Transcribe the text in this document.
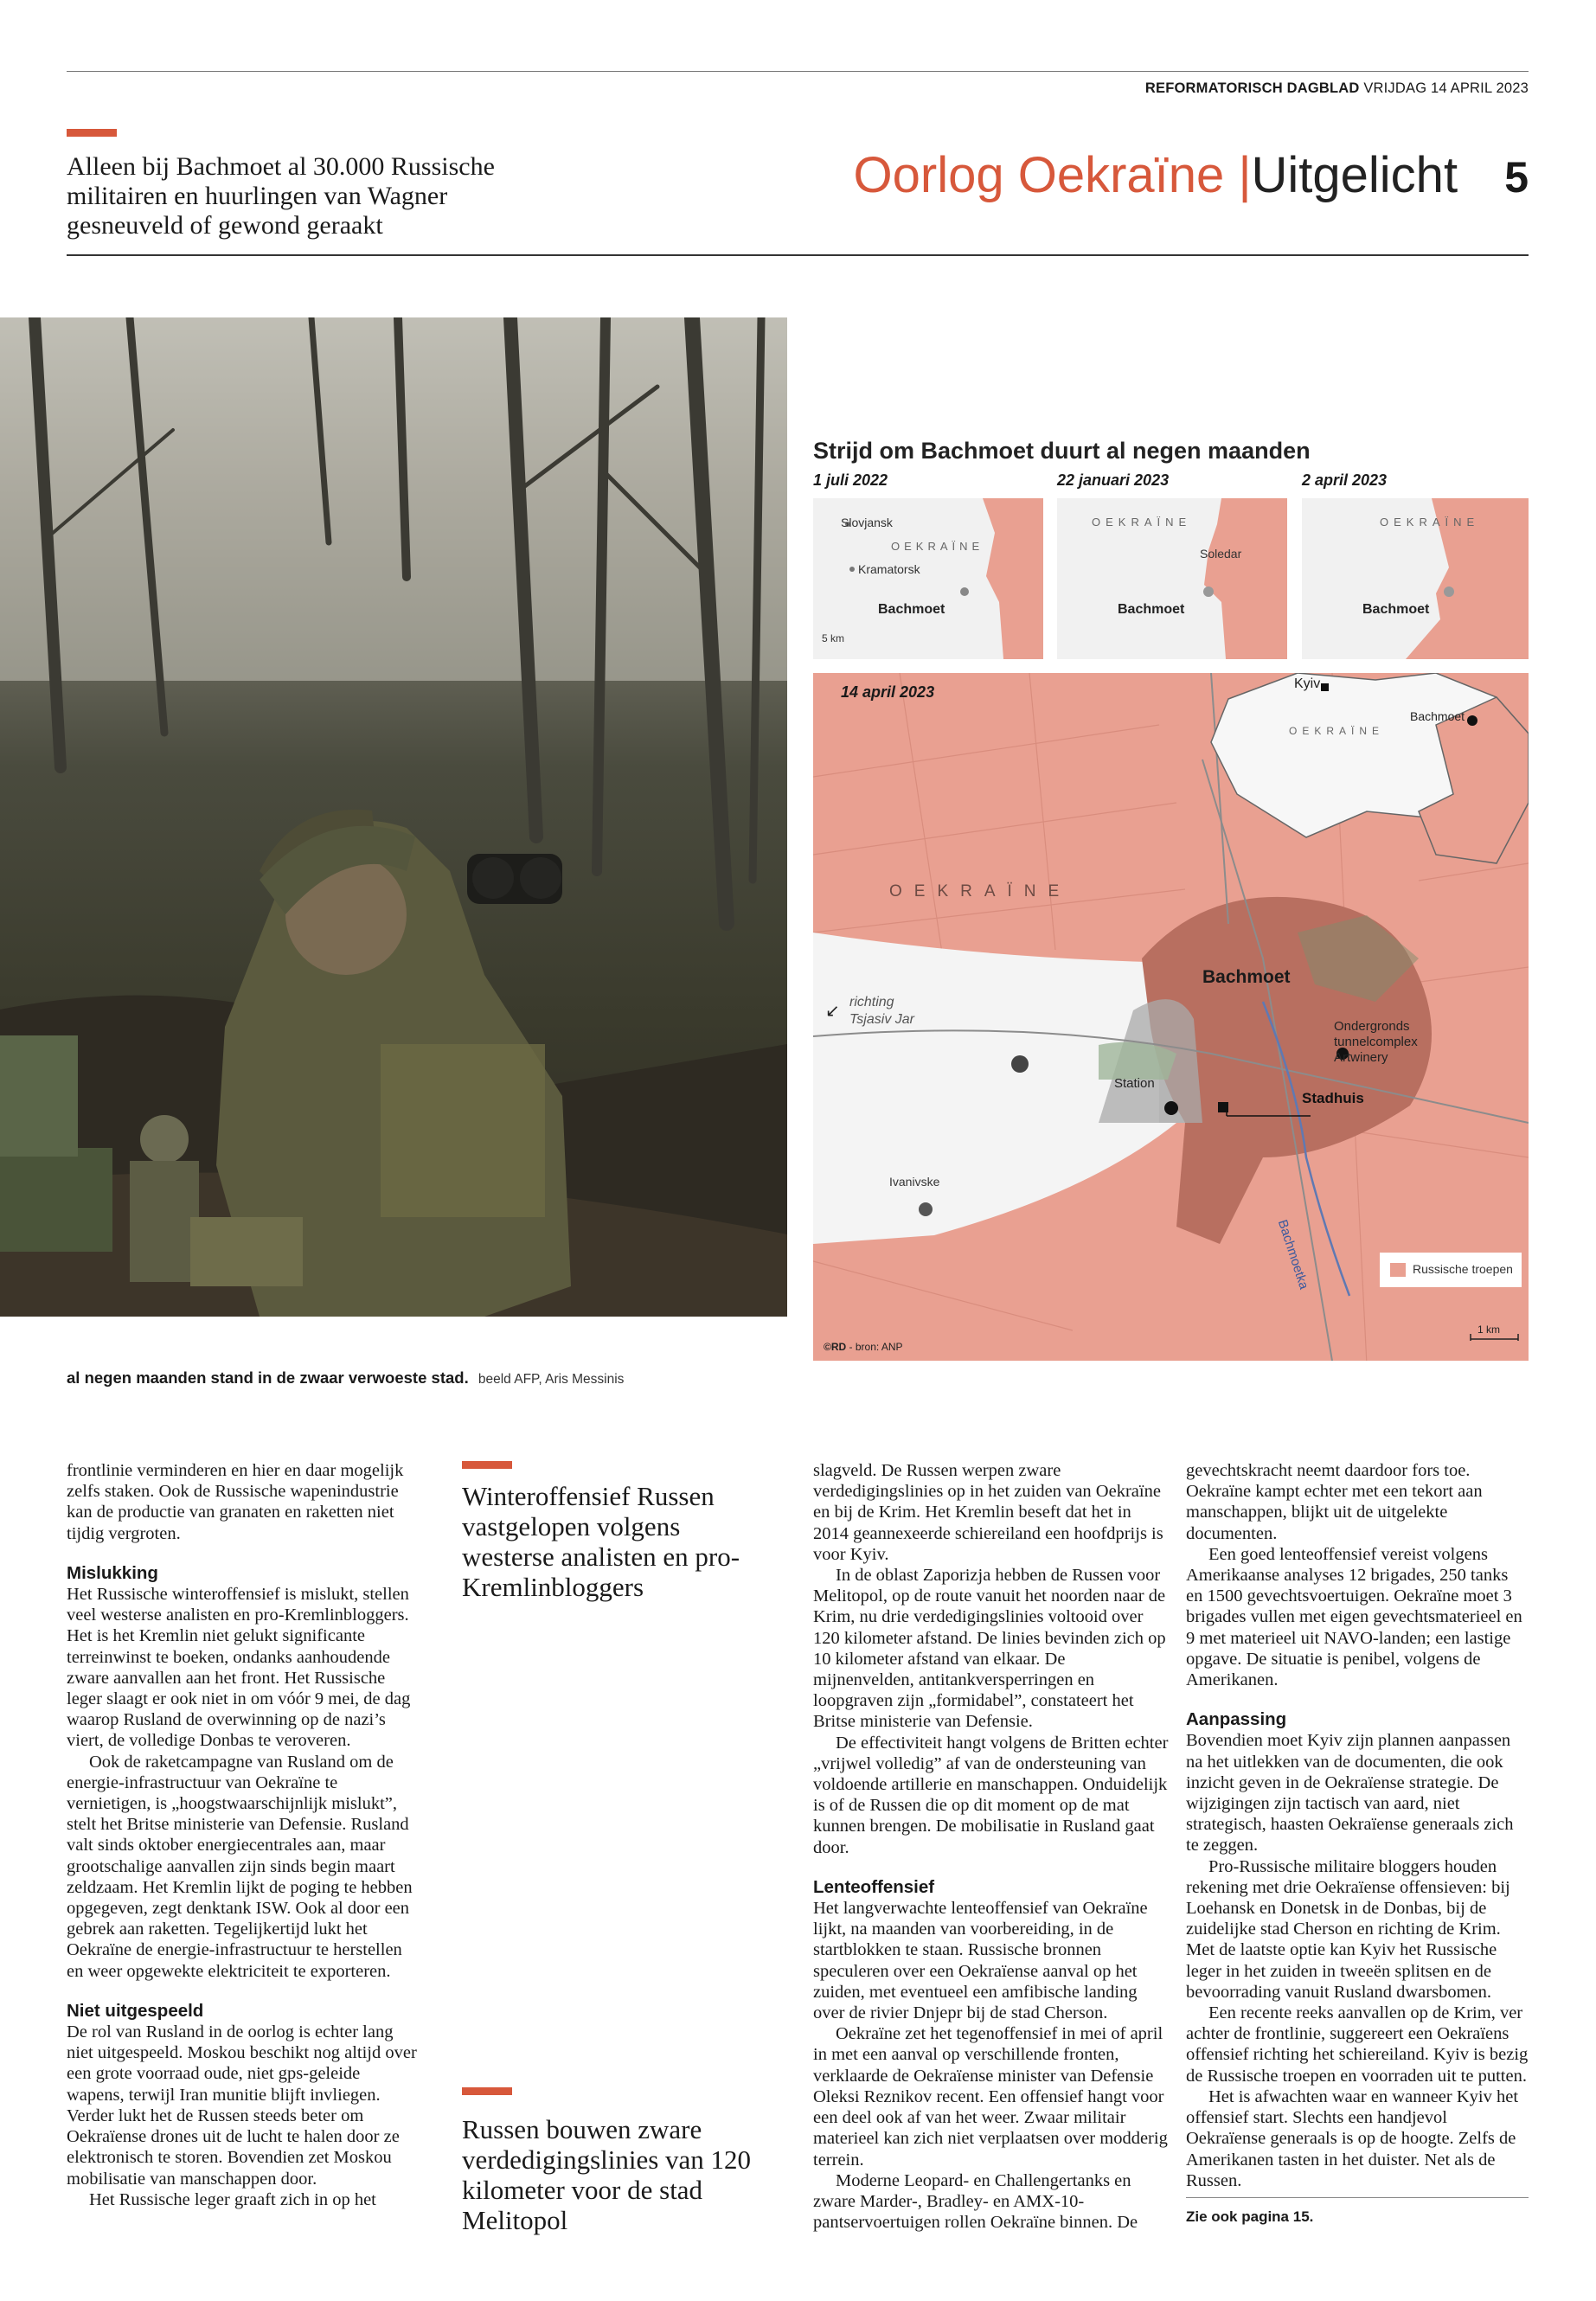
REFORMATORISCH DAGBLAD VRIJDAG 14 APRIL 2023
Alleen bij Bachmoet al 30.000 Russische militairen en huurlingen van Wagner gesneuveld of gewond geraakt
Oorlog Oekraïne |Uitgelicht 5
al negen maanden stand in de zwaar verwoeste stad. beeld AFP, Aris Messinis
Strijd om Bachmoet duurt al negen maanden
1 juli 2022	22 januari 2023	2 april 2023
Slovjansk
OEKRAÏNE
Kramatorsk
Bachmoet
5 km
OEKRAÏNE
Soledar
Bachmoet
OEKRAÏNE
Bachmoet
14 april 2023	Kyiv
OEKRAÏNE
Bachmoet
OEKRAÏNE
Bachmoet
richting
Tsjasiv Jar
↙
Station
Stadhuis
Ondergronds
tunnelcomplex
Artwinery
Ivanivske
Bachmoetka	Russische troepen
1 km
©RD - bron: ANP

frontlinie verminderen en hier en daar mogelijk zelfs staken. Ook de Russische wapenindustrie kan de productie van granaten en raketten niet tijdig vergroten.

Mislukking

Het Russische winteroffensief is mislukt, stellen veel westerse analisten en pro-Kremlinbloggers. Het is het Kremlin niet gelukt significante terreinwinst te boeken, ondanks aanhoudende zware aanvallen aan het front. Het Russische leger slaagt er ook niet in om vóór 9 mei, de dag waarop Rusland de overwinning op de nazi’s viert, de volledige Donbas te veroveren.

Ook de raketcampagne van Rusland om de energie-infrastructuur van Oekraïne te vernietigen, is „hoogstwaarschijnlijk mislukt”, stelt het Britse ministerie van Defensie. Rusland valt sinds oktober energiecentrales aan, maar grootschalige aanvallen zijn sinds begin maart zeldzaam. Het Kremlin lijkt de poging te hebben opgegeven, zegt denktank ISW. Ook al door een gebrek aan raketten. Tegelijkertijd lukt het Oekraïne de energie-infrastructuur te herstellen en weer opgewekte elektriciteit te exporteren.

Niet uitgespeeld

De rol van Rusland in de oorlog is echter lang niet uitgespeeld. Moskou beschikt nog altijd over een grote voorraad oude, niet gps-geleide wapens, terwijl Iran munitie blijft invliegen. Verder lukt het de Russen steeds beter om Oekraïense drones uit de lucht te halen door ze elektronisch te storen. Bovendien zet Moskou mobilisatie van manschappen door.

Het Russische leger graaft zich in op het

Winteroffensief Russen vastgelopen volgens westerse analisten en pro-Kremlinbloggers
Russen bouwen zware verdedigingslinies van 120 kilometer voor de stad Melitopol

slagveld. De Russen werpen zware verdedigingslinies op in het zuiden van Oekraïne en bij de Krim. Het Kremlin beseft dat het in 2014 geannexeerde schiereiland een hoofdprijs is voor Kyiv.

In de oblast Zaporizja hebben de Russen voor Melitopol, op de route vanuit het noorden naar de Krim, nu drie verdedigingslinies voltooid over 120 kilometer afstand. De linies bevinden zich op 10 kilometer afstand van elkaar. De mijnenvelden, antitankversperringen en loopgraven zijn „formidabel”, constateert het Britse ministerie van Defensie.

De effectiviteit hangt volgens de Britten echter „vrijwel volledig” af van de ondersteuning van voldoende artillerie en manschappen. Onduidelijk is of de Russen die op dit moment op de mat kunnen brengen. De mobilisatie in Rusland gaat door.

Lenteoffensief

Het langverwachte lenteoffensief van Oekraïne lijkt, na maanden van voorbereiding, in de startblokken te staan. Russische bronnen speculeren over een Oekraïense aanval op het zuiden, met eventueel een amfibische landing over de rivier Dnjepr bij de stad Cherson.

Oekraïne zet het tegenoffensief in mei of april in met een aanval op verschillende fronten, verklaarde de Oekraïense minister van Defensie Oleksi Reznikov recent. Een offensief hangt voor een deel ook af van het weer. Zwaar militair materieel kan zich niet verplaatsen over modderig terrein.

Moderne Leopard- en Challengertanks en zware Marder-, Bradley- en AMX-10-pantservoertuigen rollen Oekraïne binnen. De

gevechtskracht neemt daardoor fors toe. Oekraïne kampt echter met een tekort aan manschappen, blijkt uit de uitgelekte documenten.

Een goed lenteoffensief vereist volgens Amerikaanse analyses 12 brigades, 250 tanks en 1500 gevechtsvoertuigen. Oekraïne moet 3 brigades vullen met eigen gevechtsmaterieel en 9 met materieel uit NAVO-landen; een lastige opgave. De situatie is penibel, volgens de Amerikanen.

Aanpassing

Bovendien moet Kyiv zijn plannen aanpassen na het uitlekken van de documenten, die ook inzicht geven in de Oekraïense strategie. De wijzigingen zijn tactisch van aard, niet strategisch, haasten Oekraïense generaals zich te zeggen.

Pro-Russische militaire bloggers houden rekening met drie Oekraïense offensieven: bij Loehansk en Donetsk in de Donbas, bij de zuidelijke stad Cherson en richting de Krim. Met de laatste optie kan Kyiv het Russische leger in het zuiden in tweeën splitsen en de bevoorrading vanuit Rusland dwarsbomen.

Een recente reeks aanvallen op de Krim, ver achter de frontlinie, suggereert een Oekraïens offensief richting het schiereiland. Kyiv is bezig de Russische troepen en voorraden uit te putten.

Het is afwachten waar en wanneer Kyiv het offensief start. Slechts een handjevol Oekraïense generaals is op de hoogte. Zelfs de Amerikanen tasten in het duister. Net als de Russen.

Zie ook pagina 15.
